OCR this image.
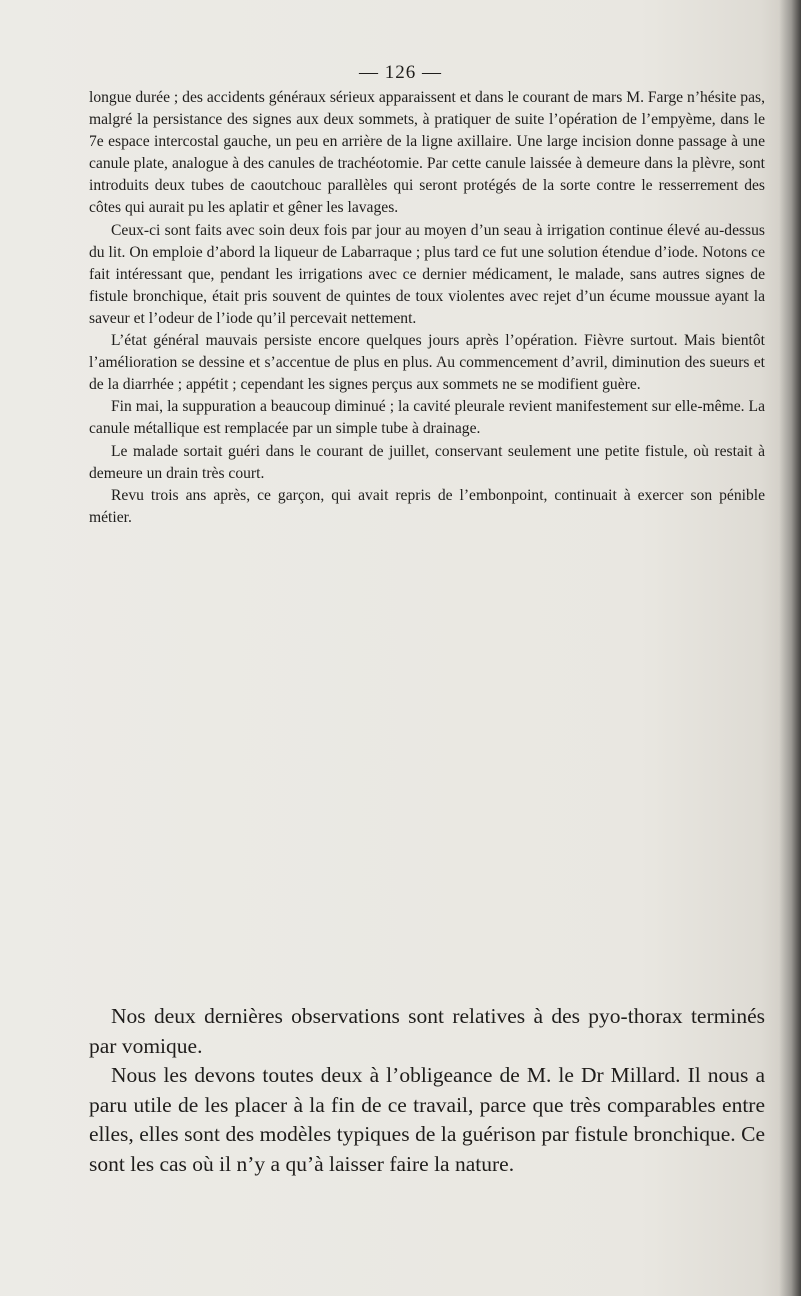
— 126 —

longue durée ; des accidents généraux sérieux apparaissent et dans le courant de mars M. Farge n’hésite pas, malgré la persistance des signes aux deux sommets, à pratiquer de suite l’opération de l’empyème, dans le 7e espace intercostal gauche, un peu en arrière de la ligne axillaire. Une large incision donne passage à une canule plate, analogue à des canules de trachéotomie. Par cette canule laissée à demeure dans la plèvre, sont introduits deux tubes de caoutchouc parallèles qui seront protégés de la sorte contre le resserrement des côtes qui aurait pu les aplatir et gêner les lavages.

Ceux-ci sont faits avec soin deux fois par jour au moyen d’un seau à irrigation continue élevé au-dessus du lit. On emploie d’abord la liqueur de Labarraque ; plus tard ce fut une solution étendue d’iode. Notons ce fait intéressant que, pendant les irrigations avec ce dernier médicament, le malade, sans autres signes de fistule bronchique, était pris souvent de quintes de toux violentes avec rejet d’un écume moussue ayant la saveur et l’odeur de l’iode qu’il percevait nettement.

L’état général mauvais persiste encore quelques jours après l’opération. Fièvre surtout. Mais bientôt l’amélioration se dessine et s’accentue de plus en plus. Au commencement d’avril, diminution des sueurs et de la diarrhée ; appétit ; cependant les signes perçus aux sommets ne se modifient guère.

Fin mai, la suppuration a beaucoup diminué ; la cavité pleurale revient manifestement sur elle-même. La canule métallique est remplacée par un simple tube à drainage.

Le malade sortait guéri dans le courant de juillet, conservant seulement une petite fistule, où restait à demeure un drain très court.

Revu trois ans après, ce garçon, qui avait repris de l’embonpoint, continuait à exercer son pénible métier.

Nos deux dernières observations sont relatives à des pyo-thorax terminés par vomique.

Nous les devons toutes deux à l’obligeance de M. le Dr Millard. Il nous a paru utile de les placer à la fin de ce travail, parce que très comparables entre elles, elles sont des modèles typiques de la guérison par fistule bronchique. Ce sont les cas où il n’y a qu’à laisser faire la nature.
